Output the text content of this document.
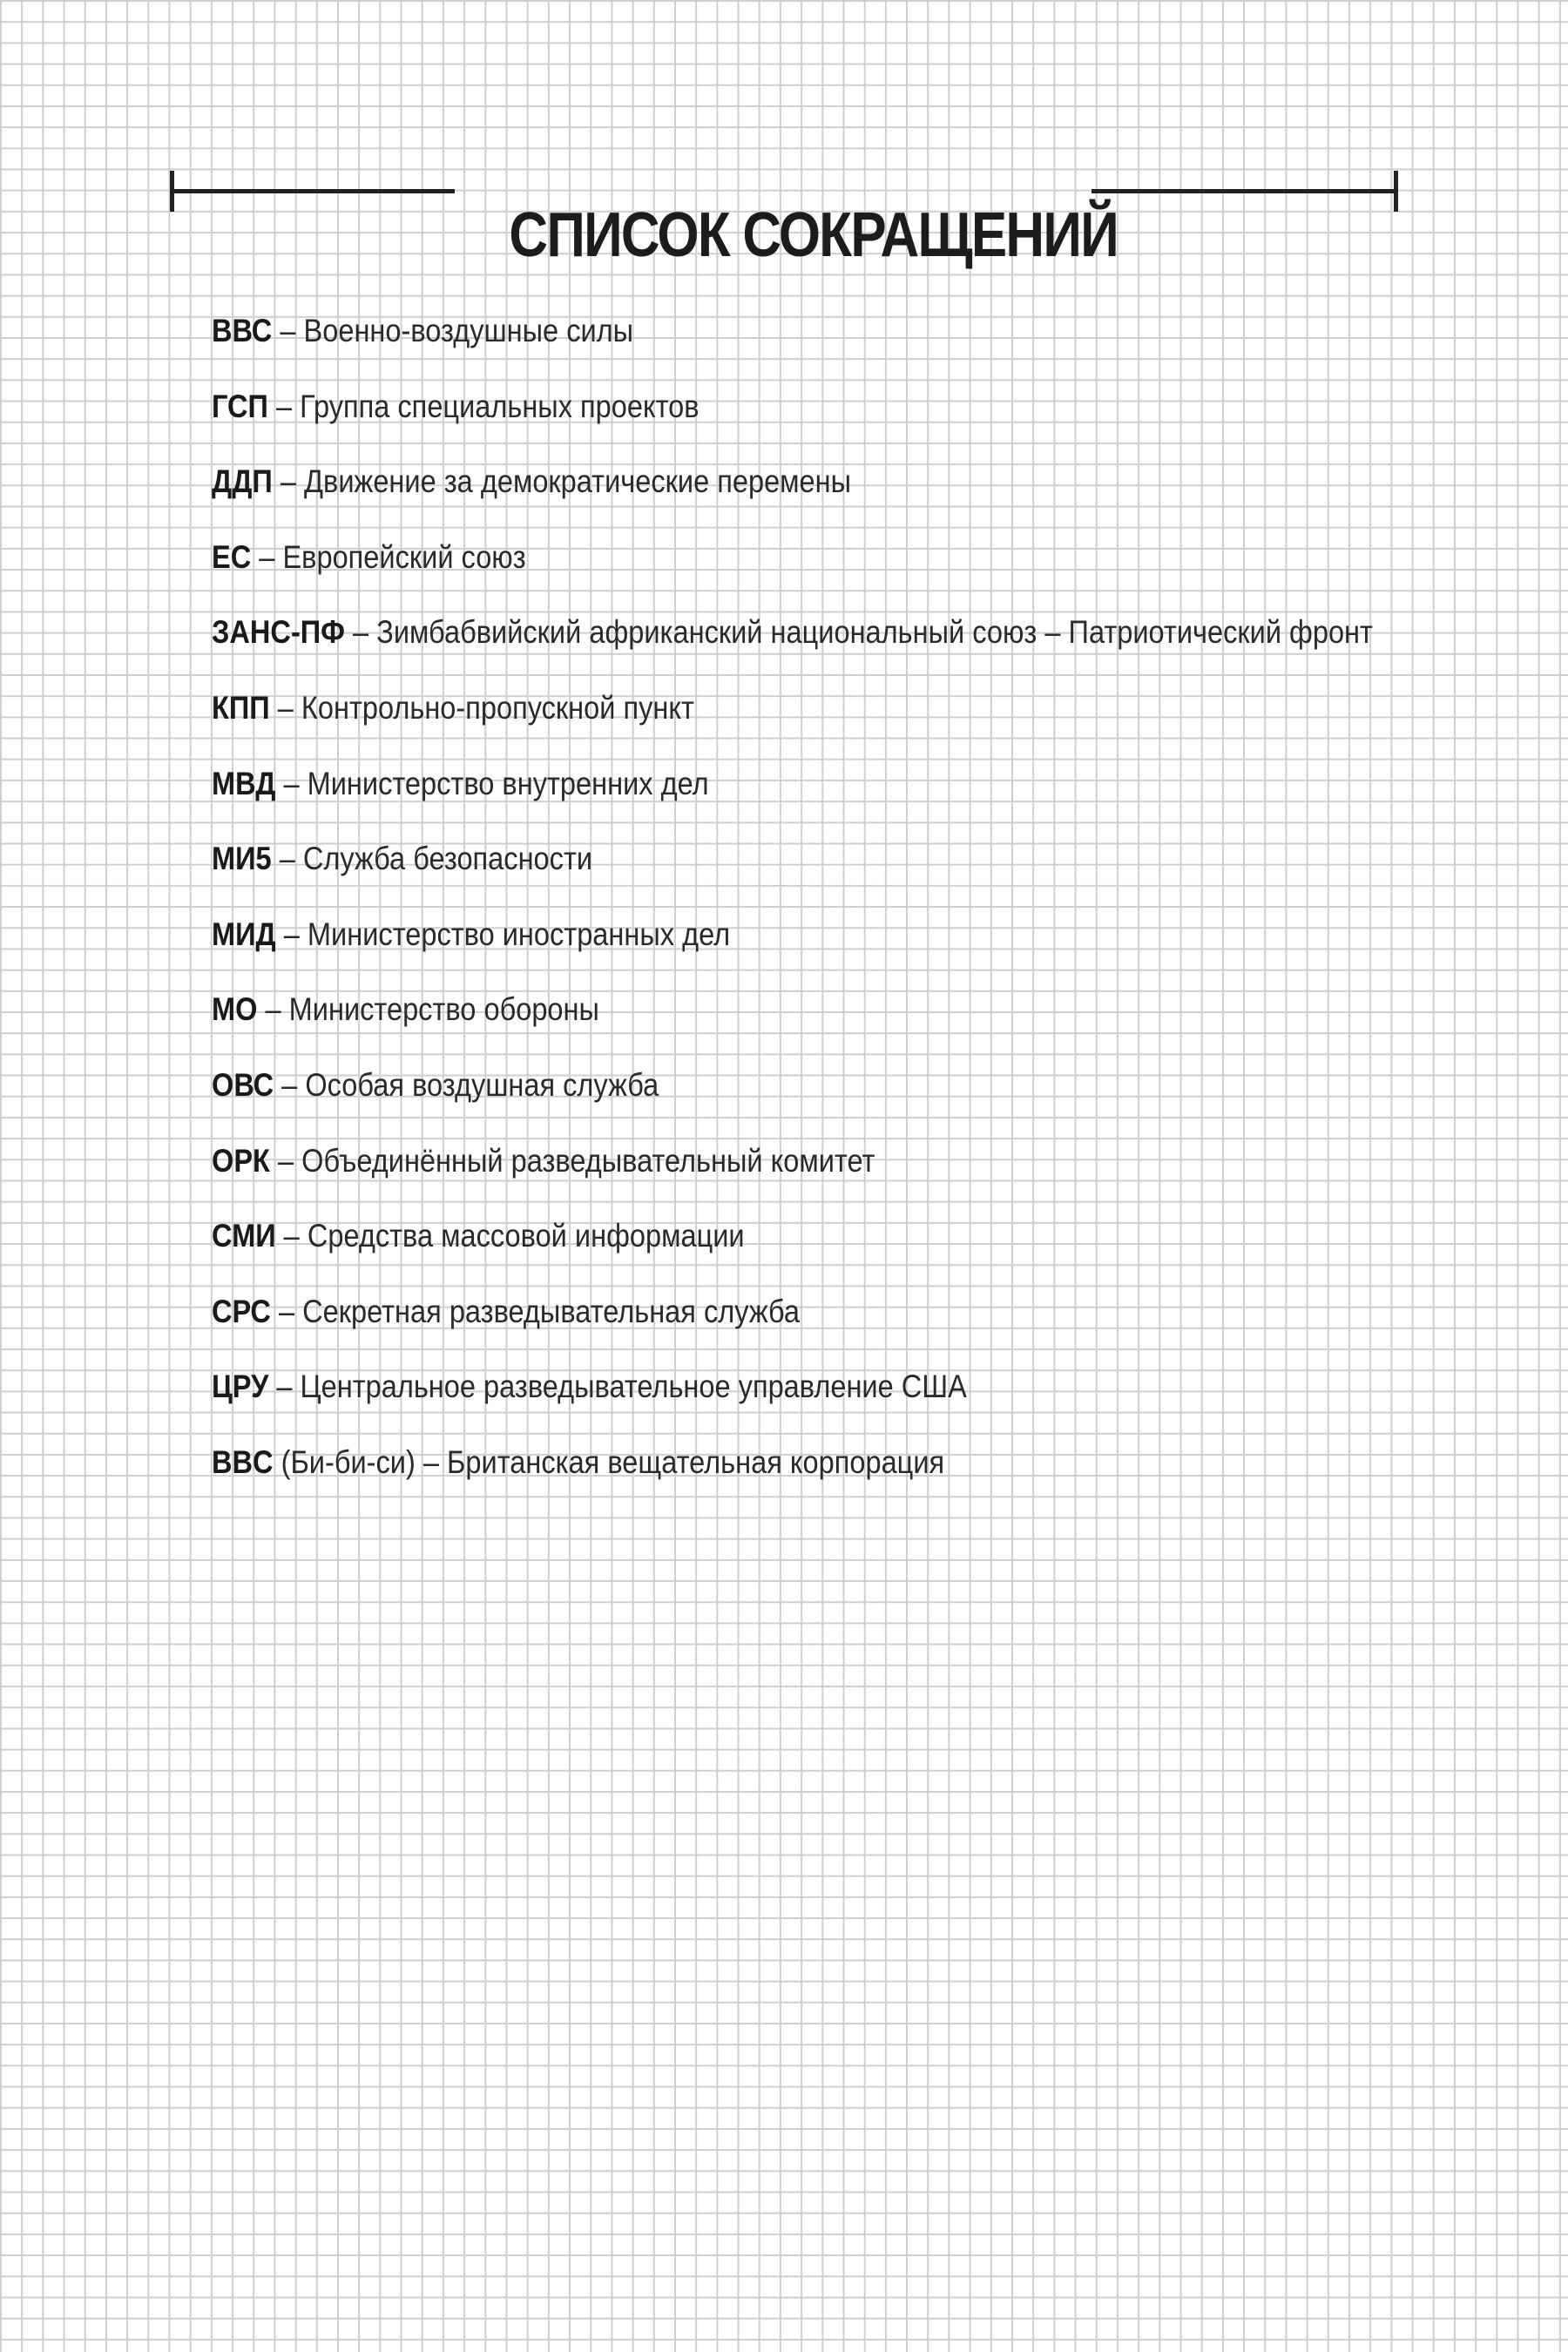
СПИСОК СОКРАЩЕНИЙ
ВВС – Военно-воздушные силы
ГСП – Группа специальных проектов
ДДП – Движение за демократические перемены
ЕС – Европейский союз
ЗАНС-ПФ – Зимбабвийский африканский национальный союз – Патриотический фронт
КПП – Контрольно-пропускной пункт
МВД – Министерство внутренних дел
МИ5 – Служба безопасности
МИД – Министерство иностранных дел
МО – Министерство обороны
ОВС – Особая воздушная служба
ОРК – Объединённый разведывательный комитет
СМИ – Средства массовой информации
СРС – Секретная разведывательная служба
ЦРУ – Центральное разведывательное управление США
BBC (Би-би-си) – Британская вещательная корпорация
